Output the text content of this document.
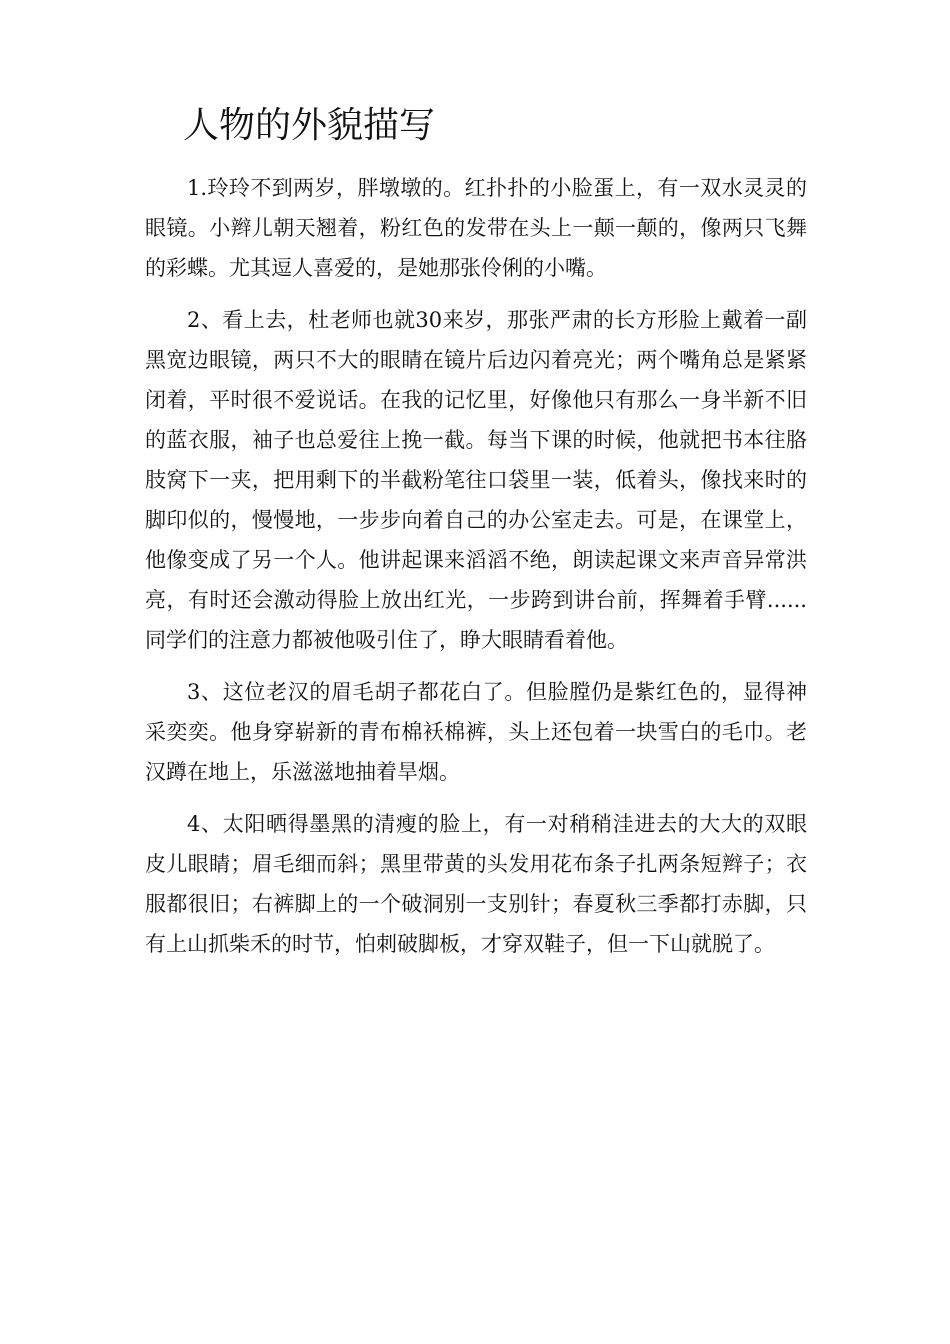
人物的外貌描写

1.玲玲不到两岁，胖墩墩的。红扑扑的小脸蛋上，有一双水灵灵的眼镜。小辫儿朝天翘着，粉红色的发带在头上一颠一颠的，像两只飞舞的彩蝶。尤其逗人喜爱的，是她那张伶俐的小嘴。

2、看上去，杜老师也就30来岁，那张严肃的长方形脸上戴着一副黑宽边眼镜，两只不大的眼睛在镜片后边闪着亮光；两个嘴角总是紧紧闭着，平时很不爱说话。在我的记忆里，好像他只有那么一身半新不旧的蓝衣服，袖子也总爱往上挽一截。每当下课的时候，他就把书本往胳肢窝下一夹，把用剩下的半截粉笔往口袋里一装，低着头，像找来时的脚印似的，慢慢地，一步步向着自己的办公室走去。可是，在课堂上，他像变成了另一个人。他讲起课来滔滔不绝，朗读起课文来声音异常洪亮，有时还会激动得脸上放出红光，一步跨到讲台前，挥舞着手臂......同学们的注意力都被他吸引住了，睁大眼睛看着他。

3、这位老汉的眉毛胡子都花白了。但脸膛仍是紫红色的，显得神采奕奕。他身穿崭新的青布棉袄棉裤，头上还包着一块雪白的毛巾。老汉蹲在地上，乐滋滋地抽着旱烟。

4、太阳晒得墨黑的清瘦的脸上，有一对稍稍洼进去的大大的双眼皮儿眼睛；眉毛细而斜；黑里带黄的头发用花布条子扎两条短辫子；衣服都很旧；右裤脚上的一个破洞别一支别针；春夏秋三季都打赤脚，只有上山抓柴禾的时节，怕刺破脚板，才穿双鞋子，但一下山就脱了。
